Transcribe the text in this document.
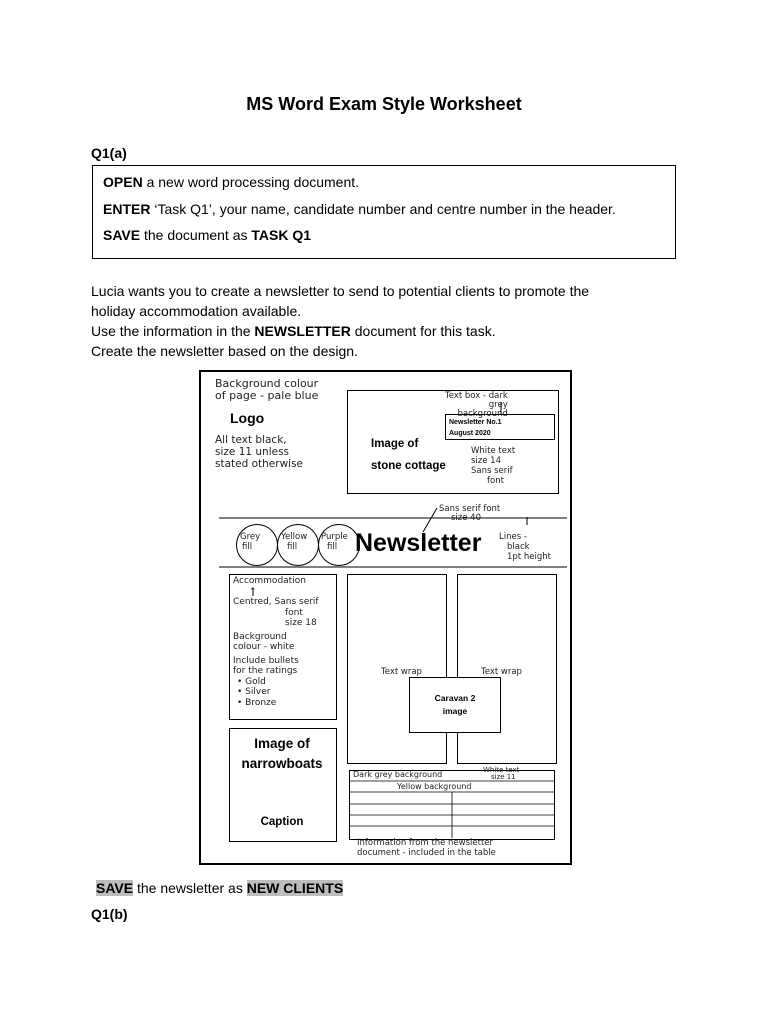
MS Word Exam Style Worksheet
Q1(a)
OPEN a new word processing document.
ENTER ‘Task Q1’, your name, candidate number and centre number in the header.
SAVE the document as TASK Q1
Lucia wants you to create a newsletter to send to potential clients to promote the
holiday accommodation available.
Use the information in the NEWSLETTER document for this task.
Create the newsletter based on the design.
Background colour
of page - pale blue
Logo
All text black,
size 11 unless
stated otherwise
Image of
stone cottage
Text box - dark
grey
background
Newsletter No.1
August 2020
White text
size 14
Sans serif
font
Sans serif font
size 40
Grey
fill
Yellow
fill
Purple
fill Newsletter Lines -
black
1pt height
Accommodation
↑
Centred, Sans serif
font
size 18
Background
colour - white
Include bullets
for the ratings
• Gold
• Silver
• Bronze
Text wrap	Text wrap
Caravan 2
image
Image of
narrowboats
Caption
Dark grey background	White text
size 11
Yellow background
Information from the newsletter
document - included in the table
SAVE the newsletter as NEW CLIENTS
Q1(b)
